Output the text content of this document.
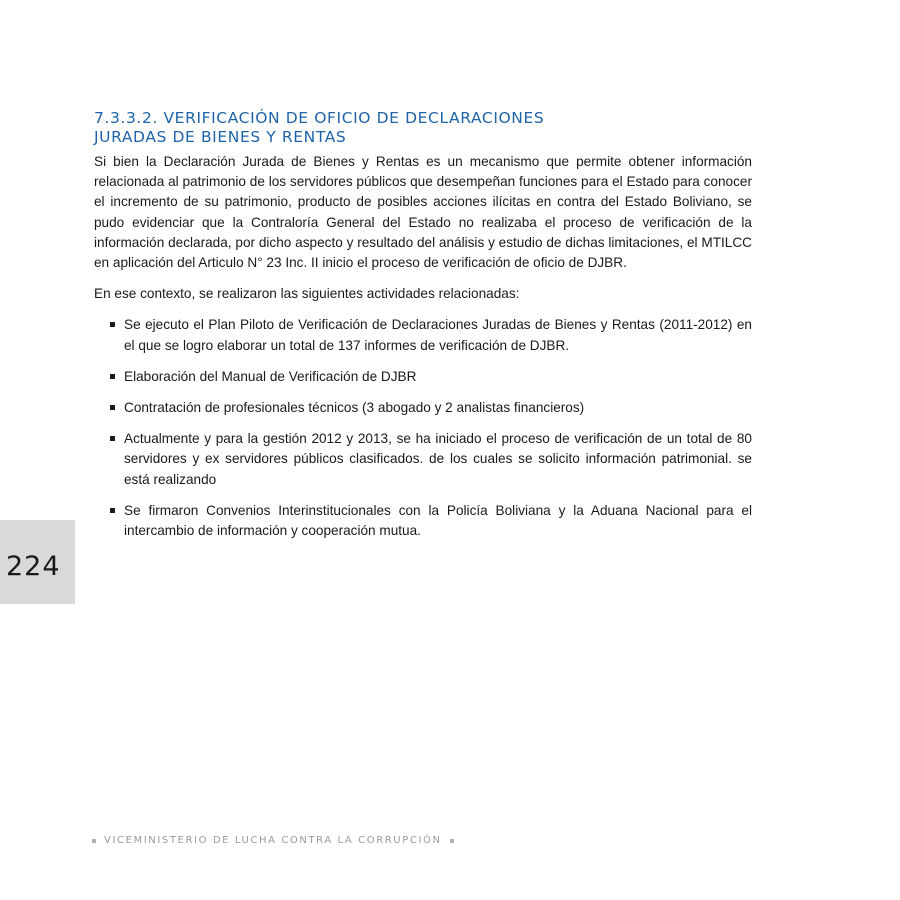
7.3.3.2. VERIFICACIÓN DE OFICIO DE DECLARACIONES
JURADAS DE BIENES Y RENTAS

Si bien la Declaración Jurada de Bienes y Rentas es un mecanismo que permite obtener información relacionada al patrimonio de los servidores públicos que desempeñan funciones para el Estado para conocer el incremento de su patrimonio, producto de posibles acciones ilícitas en contra del Estado Boliviano, se pudo evidenciar que la Contraloría General del Estado no realizaba el proceso de verificación de la información declarada, por dicho aspecto y resultado del análisis y estudio de dichas limitaciones, el MTILCC en aplicación del Articulo N° 23 Inc. II inicio el proceso de verificación de oficio de DJBR.

En ese contexto, se realizaron las siguientes actividades relacionadas:

Se ejecuto el Plan Piloto de Verificación de Declaraciones Juradas de Bienes y Rentas (2011-2012) en el que se logro elaborar un total de 137 informes de verificación de DJBR.
Elaboración del Manual de Verificación de DJBR
Contratación de profesionales técnicos (3 abogado y 2 analistas financieros)
Actualmente y para la gestión 2012 y 2013, se ha iniciado el proceso de verificación de un total de 80 servidores y ex servidores públicos clasificados. de los cuales se solicito información patrimonial. se está realizando
Se firmaron Convenios Interinstitucionales con la Policía Boliviana y la Aduana Nacional para el intercambio de información y cooperación mutua.
224
VICEMINISTERIO DE LUCHA CONTRA LA CORRUPCIÓN
